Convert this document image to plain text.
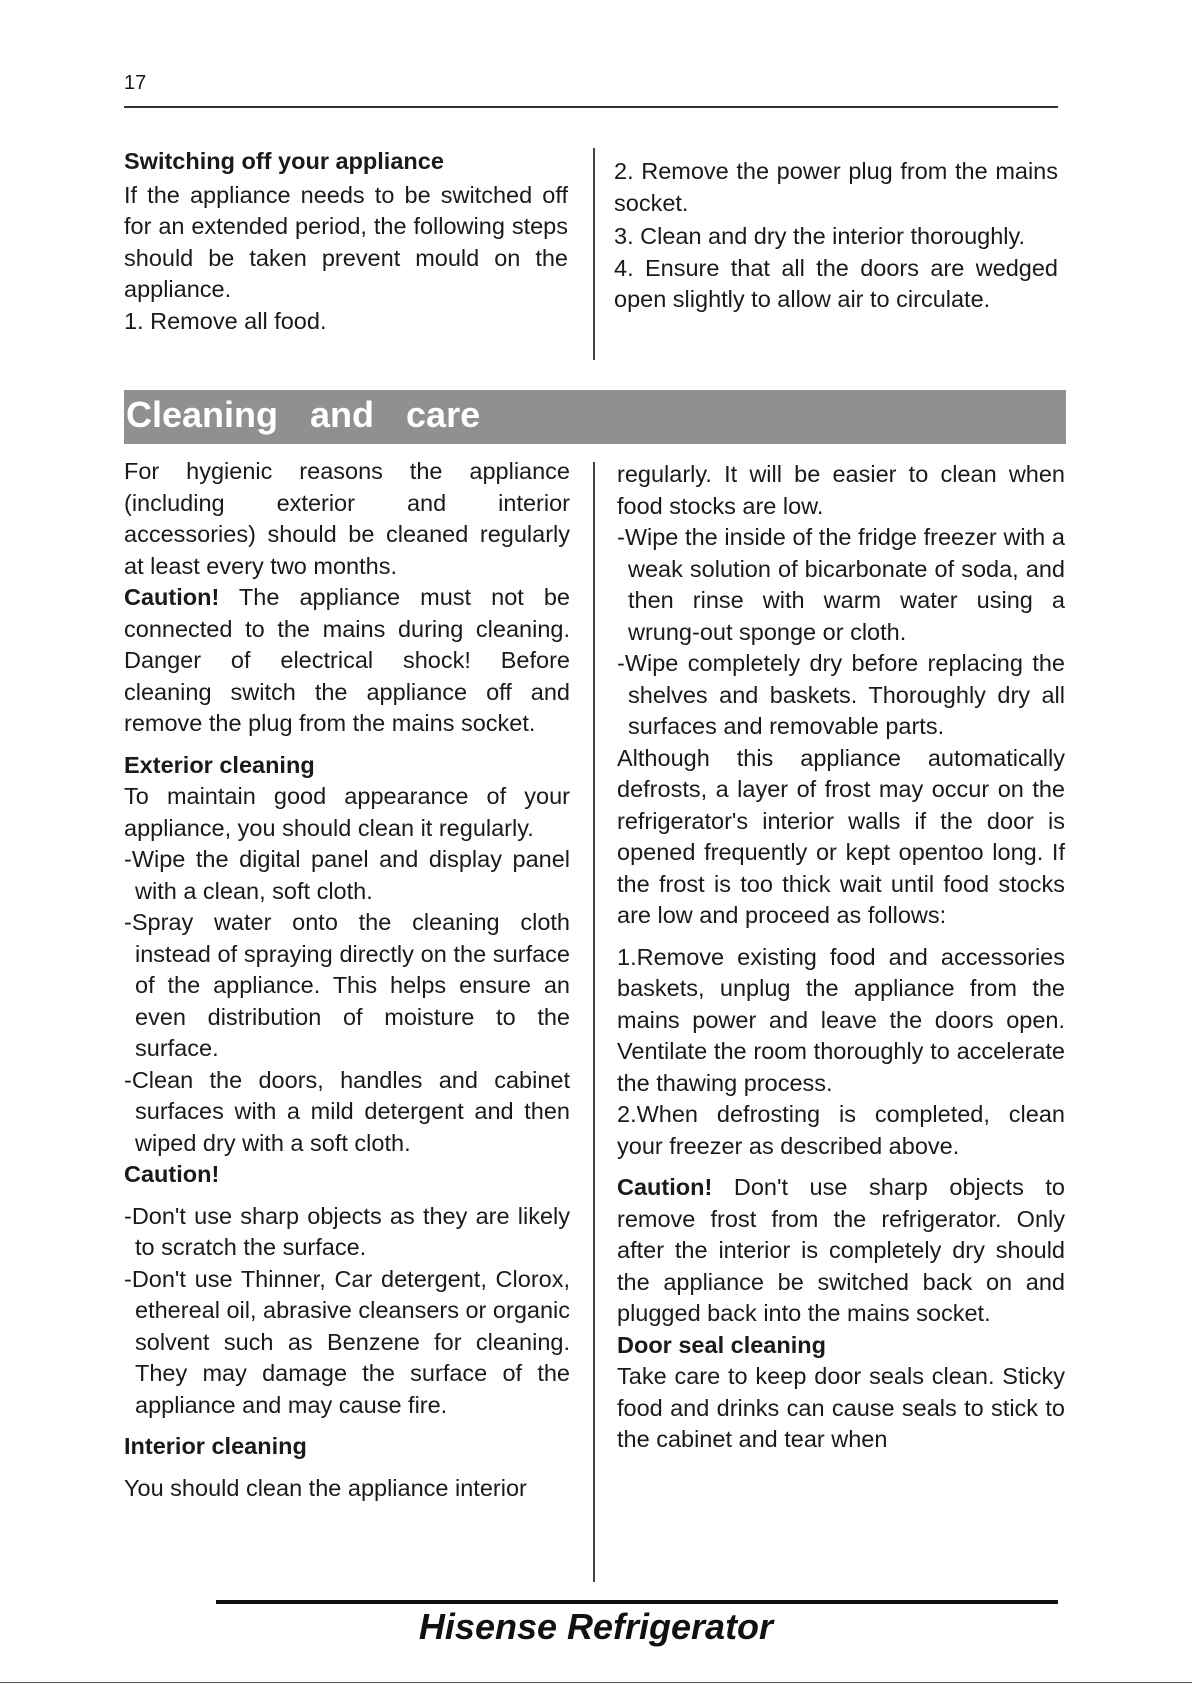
17
Switching off your appliance

If the appliance needs to be switched off for an extended period, the following steps should be taken prevent mould on the appliance.

1. Remove all food.

2. Remove the power plug from the mains socket.

3. Clean and dry the interior thoroughly.

4. Ensure that all the doors are wedged open slightly to allow air to circulate.

Cleaning and care

For hygienic reasons the appliance (including exterior and interior accessories) should be cleaned regularly at least every two months.

Caution! The appliance must not be connected to the mains during cleaning. Danger of electrical shock! Before cleaning switch the appliance off and remove the plug from the mains socket.

Exterior cleaning

To maintain good appearance of your appliance, you should clean it regularly.

-Wipe the digital panel and display panel with a clean, soft cloth.

-Spray water onto the cleaning cloth instead of spraying directly on the surface of the appliance. This helps ensure an even distribution of moisture to the surface.

-Clean the doors, handles and cabinet surfaces with a mild detergent and then wiped dry with a soft cloth.

Caution!

-Don't use sharp objects as they are likely to scratch the surface.

-Don't use Thinner, Car detergent, Clorox, ethereal oil, abrasive cleansers or organic solvent such as Benzene for cleaning. They may damage the surface of the appliance and may cause fire.

Interior cleaning

You should clean the appliance interior

regularly. It will be easier to clean when food stocks are low.

-Wipe the inside of the fridge freezer with a weak solution of bicarbonate of soda, and then rinse with warm water using a wrung-out sponge or cloth.

-Wipe completely dry before replacing the shelves and baskets. Thoroughly dry all surfaces and removable parts.

Although this appliance automatically defrosts, a layer of frost may occur on the refrigerator's interior walls if the door is opened frequently or kept opentoo long. If the frost is too thick wait until food stocks are low and proceed as follows:

1.Remove existing food and accessories baskets, unplug the appliance from the mains power and leave the doors open. Ventilate the room thoroughly to accelerate the thawing process.

2.When defrosting is completed, clean your freezer as described above.

Caution! Don't use sharp objects to remove frost from the refrigerator. Only after the interior is completely dry should the appliance be switched back on and plugged back into the mains socket.

Door seal cleaning

Take care to keep door seals clean. Sticky food and drinks can cause seals to stick to the cabinet and tear when

Hisense Refrigerator
